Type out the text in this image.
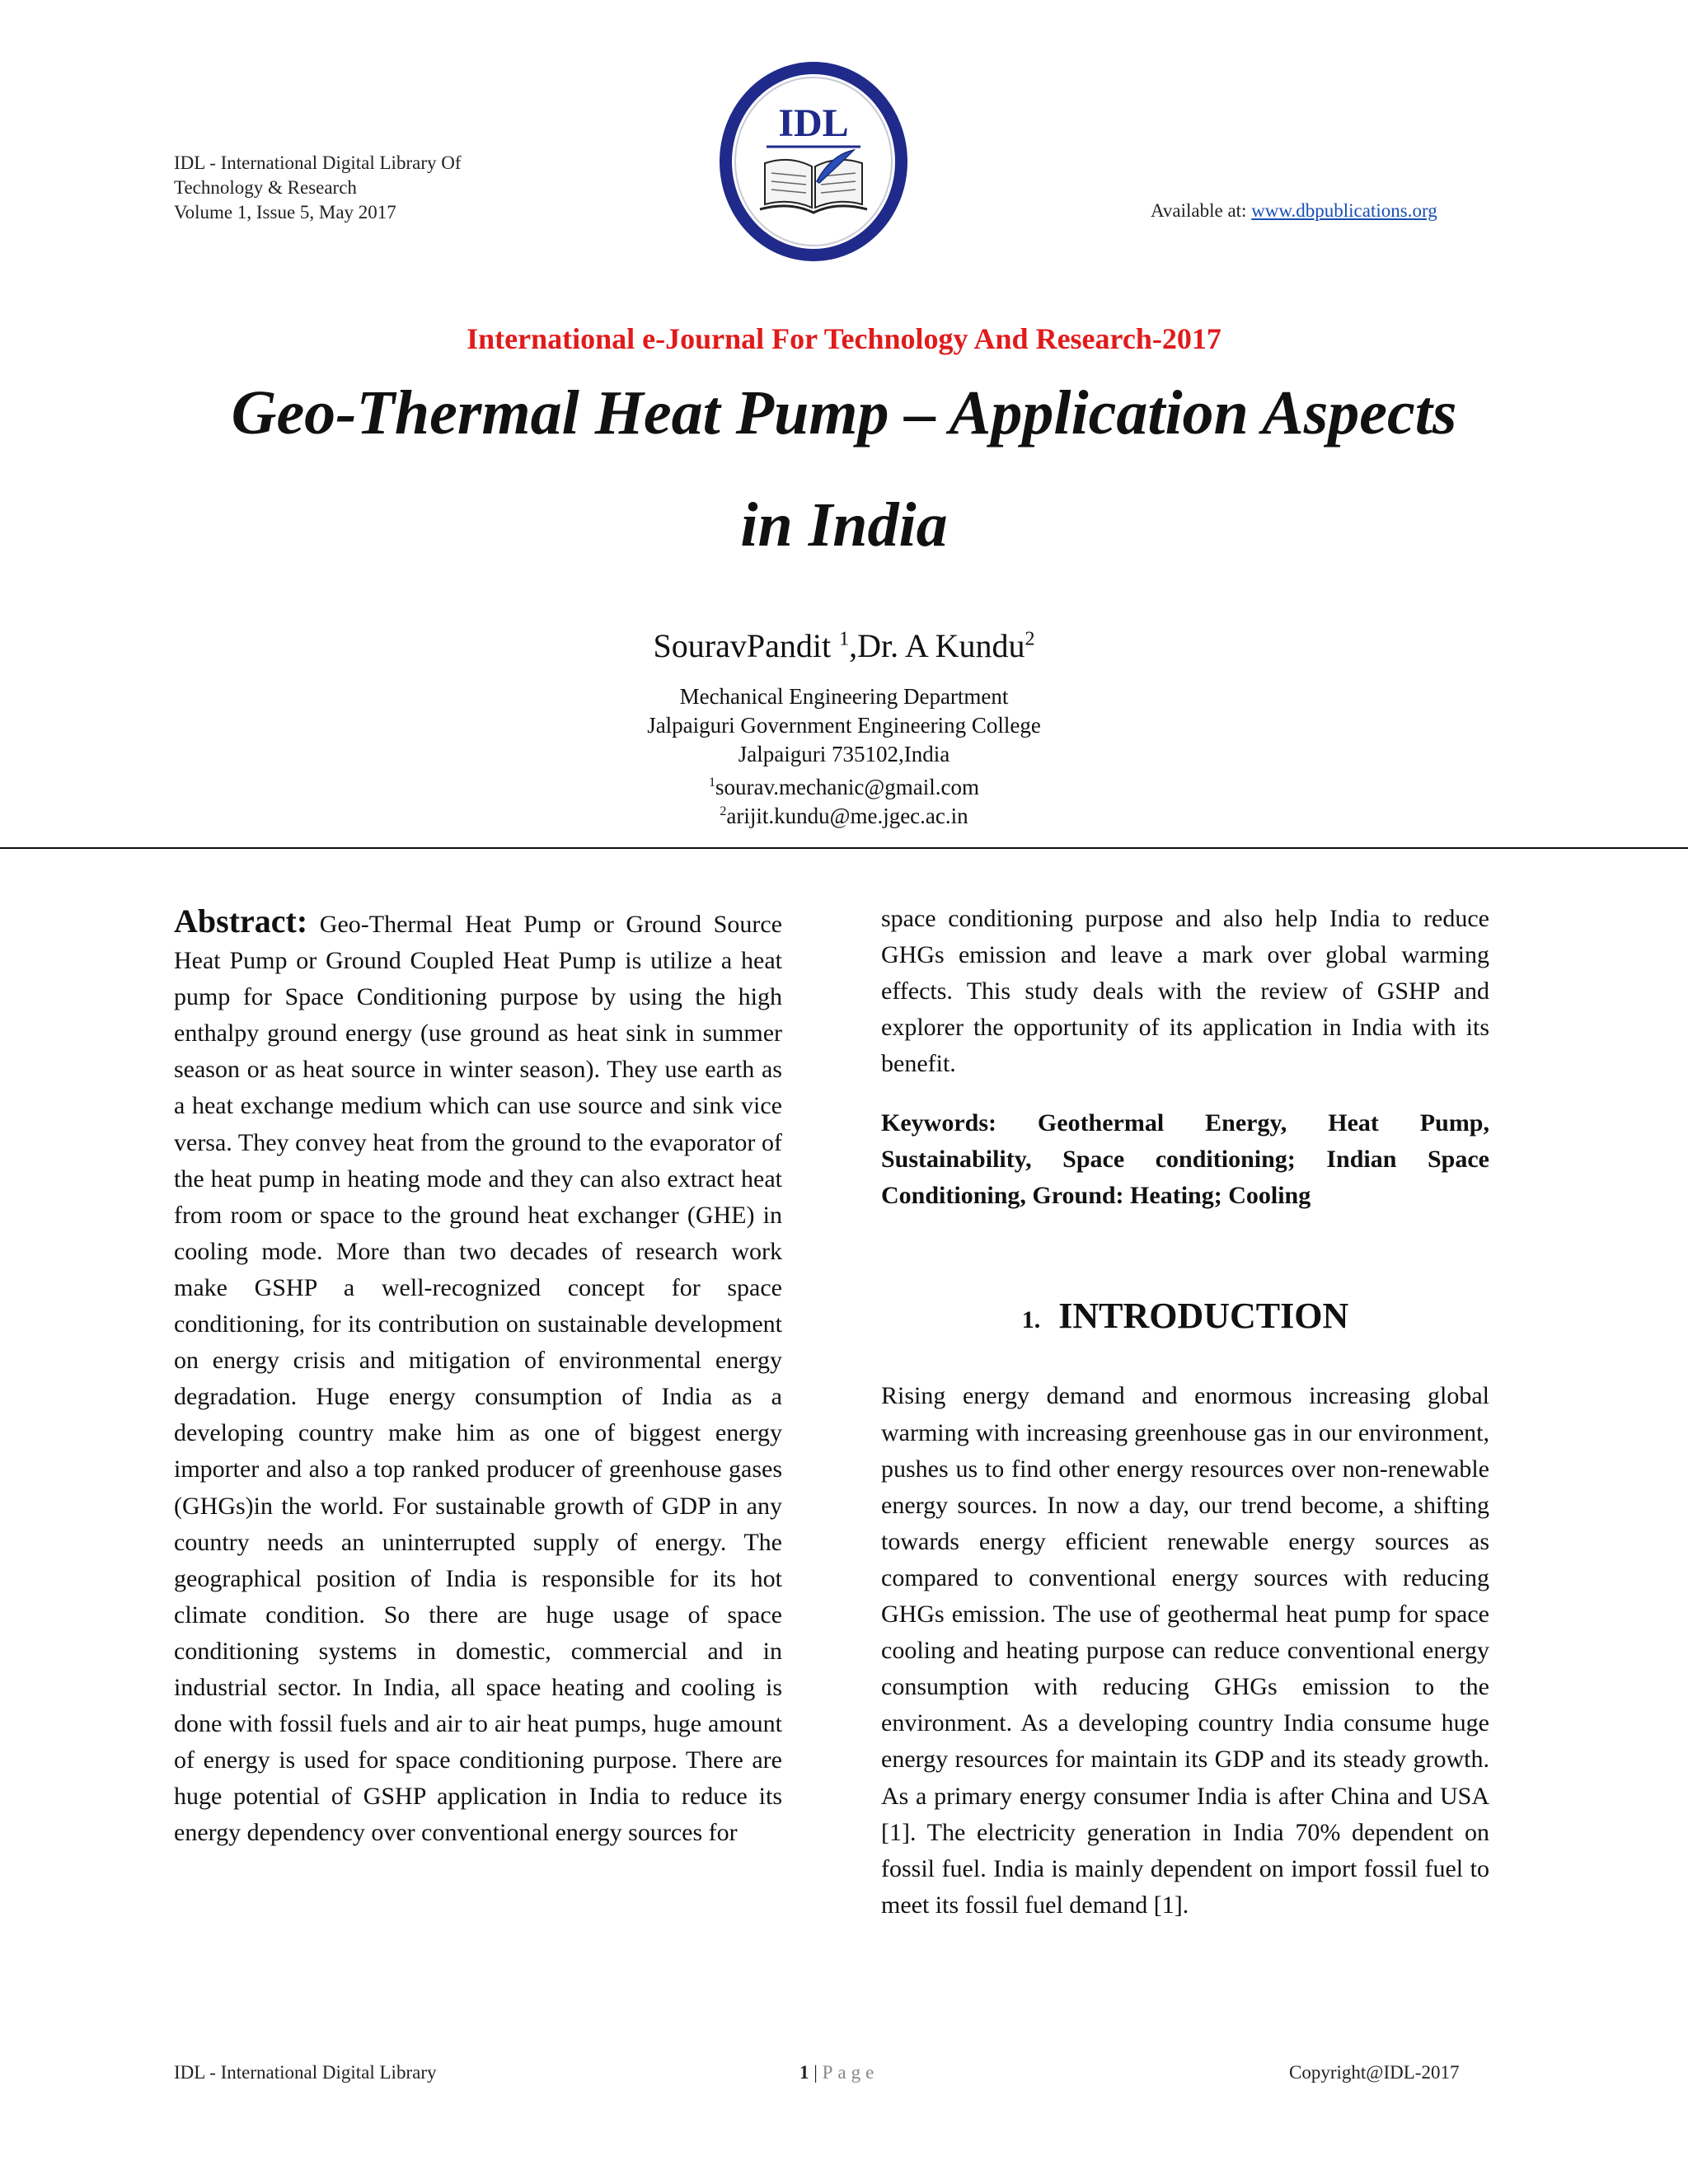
IDL - International Digital Library Of
Technology & Research
Volume 1, Issue 5, May 2017
IDL
Available at: www.dbpublications.org
International e-Journal For Technology And Research-2017
Geo-Thermal Heat Pump – Application Aspects
in India
SouravPandit $^1$,Dr. A Kundu$^2$
Mechanical Engineering Department
Jalpaiguri Government Engineering College
Jalpaiguri 735102,India
$^1$sourav.mechanic@gmail.com
$^2$arijit.kundu@me.jgec.ac.in
Abstract: Geo-Thermal Heat Pump or Ground Source Heat Pump or Ground Coupled Heat Pump is utilize a heat pump for Space Conditioning purpose by using the high enthalpy ground energy (use ground as heat sink in summer season or as heat source in winter season). They use earth as a heat exchange medium which can use source and sink vice versa. They convey heat from the ground to the evaporator of the heat pump in heating mode and they can also extract heat from room or space to the ground heat exchanger (GHE) in cooling mode. More than two decades of research work make GSHP a well-recognized concept for space conditioning, for its contribution on sustainable development on energy crisis and mitigation of environmental energy degradation. Huge energy consumption of India as a developing country make him as one of biggest energy importer and also a top ranked producer of greenhouse gases (GHGs)in the world. For sustainable growth of GDP in any country needs an uninterrupted supply of energy. The geographical position of India is responsible for its hot climate condition. So there are huge usage of space conditioning systems in domestic, commercial and in industrial sector. In India, all space heating and cooling is done with fossil fuels and air to air heat pumps, huge amount of energy is used for space conditioning purpose. There are huge potential of GSHP application in India to reduce its energy dependency over conventional energy sources for
space conditioning purpose and also help India to reduce GHGs emission and leave a mark over global warming effects. This study deals with the review of GSHP and explorer the opportunity of its application in India with its benefit.
Keywords: Geothermal Energy, Heat Pump, Sustainability, Space conditioning; Indian Space Conditioning, Ground: Heating; Cooling
1. INTRODUCTION
Rising energy demand and enormous increasing global warming with increasing greenhouse gas in our environment, pushes us to find other energy resources over non-renewable energy sources. In now a day, our trend become, a shifting towards energy efficient renewable energy sources as compared to conventional energy sources with reducing GHGs emission. The use of geothermal heat pump for space cooling and heating purpose can reduce conventional energy consumption with reducing GHGs emission to the environment. As a developing country India consume huge energy resources for maintain its GDP and its steady growth. As a primary energy consumer India is after China and USA [1]. The electricity generation in India 70% dependent on fossil fuel. India is mainly dependent on import fossil fuel to meet its fossil fuel demand [1].
IDL - International Digital Library	1 | Page	Copyright@IDL-2017
